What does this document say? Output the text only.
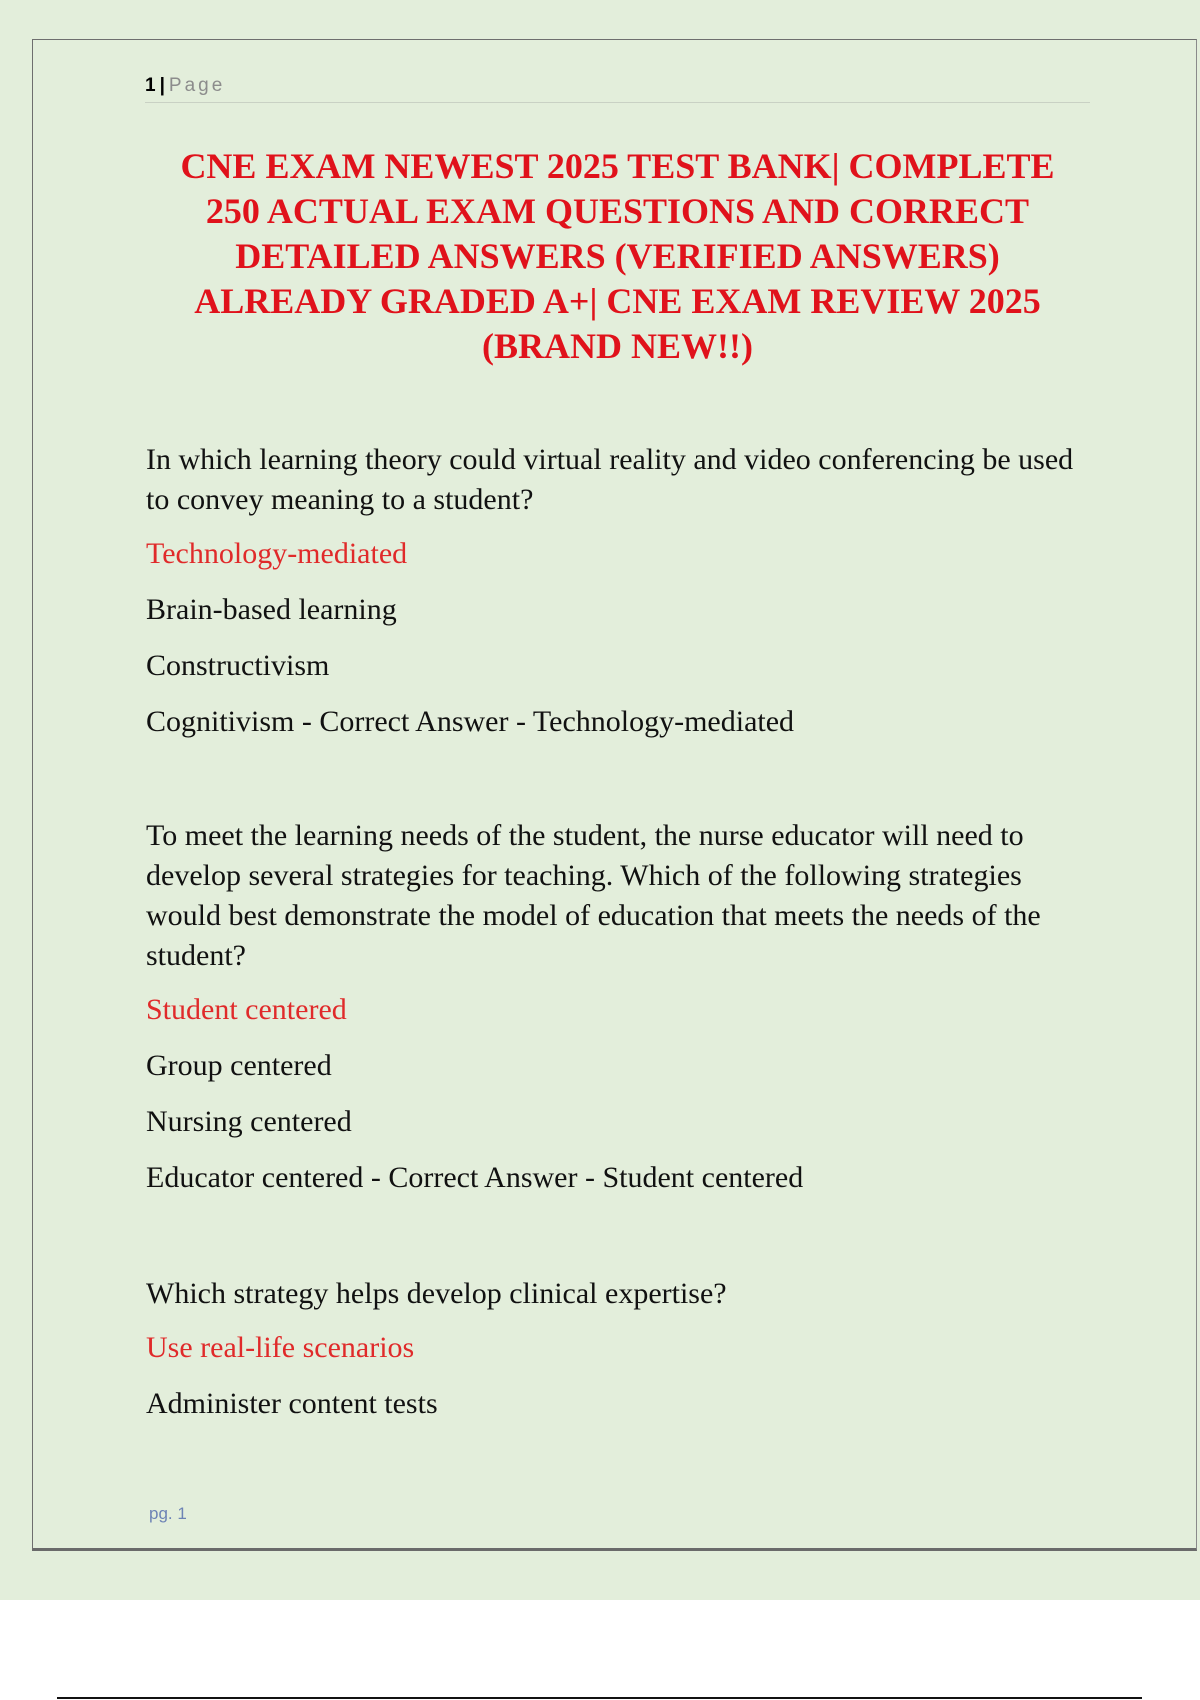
1 | Page
CNE EXAM NEWEST 2025 TEST BANK| COMPLETE 250 ACTUAL EXAM QUESTIONS AND CORRECT DETAILED ANSWERS (VERIFIED ANSWERS) ALREADY GRADED A+| CNE EXAM REVIEW 2025 (BRAND NEW!!)
In which learning theory could virtual reality and video conferencing be used to convey meaning to a student?
Technology-mediated
Brain-based learning
Constructivism
Cognitivism - Correct Answer - Technology-mediated
To meet the learning needs of the student, the nurse educator will need to develop several strategies for teaching. Which of the following strategies would best demonstrate the model of education that meets the needs of the student?
Student centered
Group centered
Nursing centered
Educator centered - Correct Answer - Student centered
Which strategy helps develop clinical expertise?
Use real-life scenarios
Administer content tests
pg. 1
